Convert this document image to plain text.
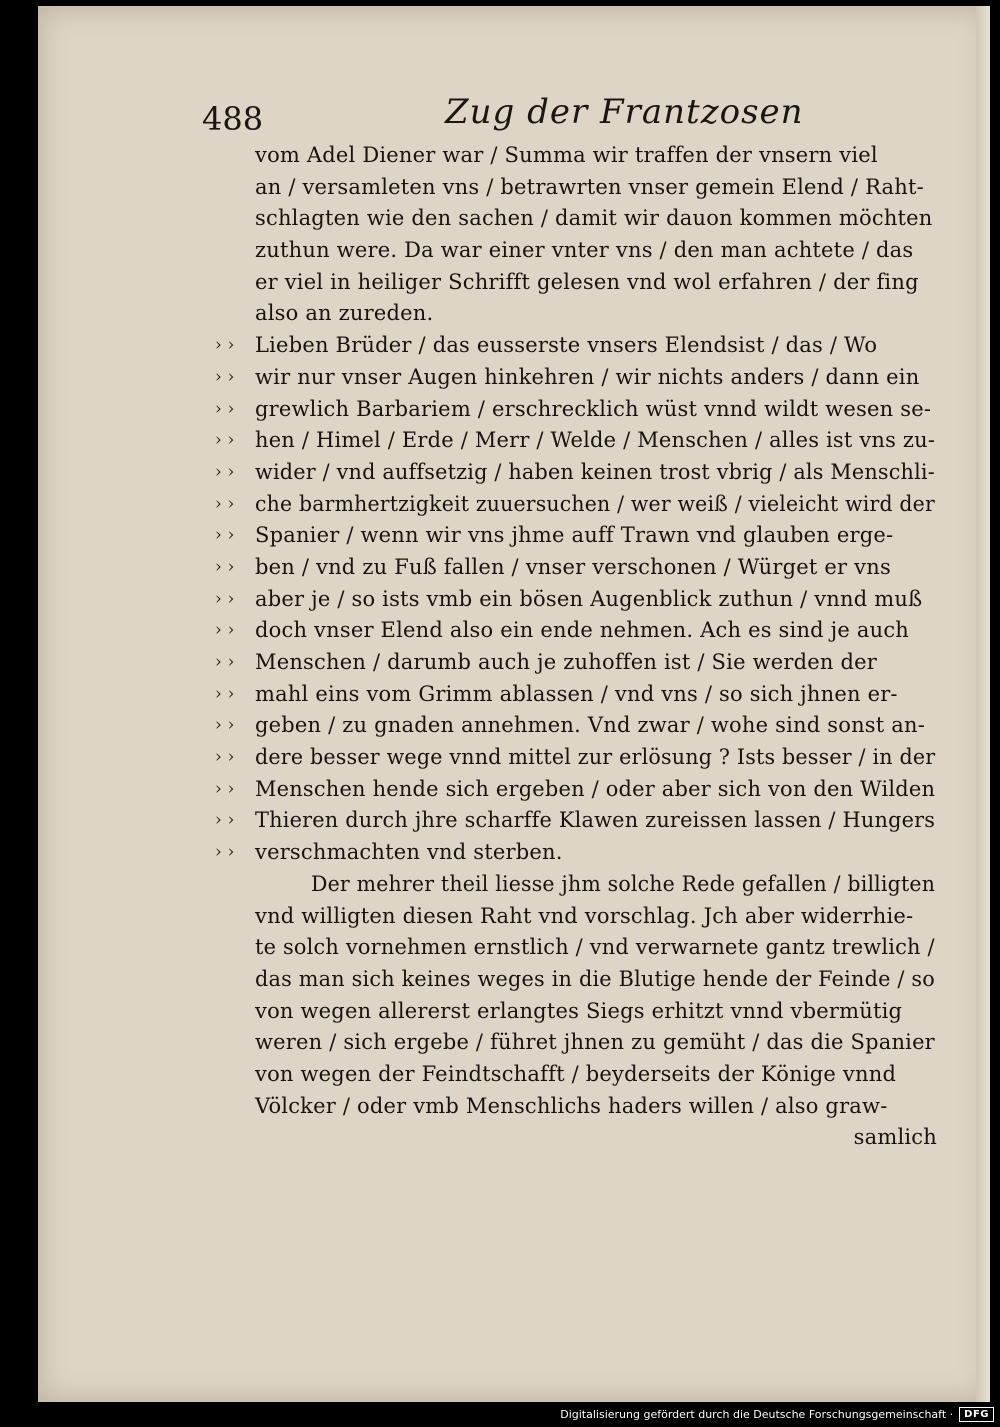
488	Zug der Frantzosen
vom Adel Diener war / Summa wir traffen der vnsern viel
an / versamleten vns / betrawrten vnser gemein Elend / Raht-
schlagten wie den sachen / damit wir dauon kommen möchten
zuthun were. Da war einer vnter vns / den man achtete / das
er viel in heiliger Schrifft gelesen vnd wol erfahren / der fing
also an zureden.
› › Lieben Brüder / das eusserste vnsers Elendsist / das / Wo
› › wir nur vnser Augen hinkehren / wir nichts anders / dann ein
› › grewlich Barbariem / erschrecklich wüst vnnd wildt wesen se-
› › hen / Himel / Erde / Merr / Welde / Menschen / alles ist vns zu-
› › wider / vnd auffsetzig / haben keinen trost vbrig / als Menschli-
› › che barmhertzigkeit zuuersuchen / wer weiß / vieleicht wird der
› › Spanier / wenn wir vns jhme auff Trawn vnd glauben erge-
› › ben / vnd zu Fuß fallen / vnser verschonen / Würget er vns
› › aber je / so ists vmb ein bösen Augenblick zuthun / vnnd muß
› › doch vnser Elend also ein ende nehmen. Ach es sind je auch
› › Menschen / darumb auch je zuhoffen ist / Sie werden der
› › mahl eins vom Grimm ablassen / vnd vns / so sich jhnen er-
› › geben / zu gnaden annehmen. Vnd zwar / wohe sind sonst an-
› › dere besser wege vnnd mittel zur erlösung ? Ists besser / in der
› › Menschen hende sich ergeben / oder aber sich von den Wilden
› › Thieren durch jhre scharffe Klawen zureissen lassen / Hungers
› › verschmachten vnd sterben.
Der mehrer theil liesse jhm solche Rede gefallen / billigten
vnd willigten diesen Raht vnd vorschlag. Jch aber widerrhie-
te solch vornehmen ernstlich / vnd verwarnete gantz trewlich /
das man sich keines weges in die Blutige hende der Feinde / so
von wegen allererst erlangtes Siegs erhitzt vnnd vbermütig
weren / sich ergebe / führet jhnen zu gemüht / das die Spanier
von wegen der Feindtschafft / beyderseits der Könige vnnd
Völcker / oder vmb Menschlichs haders willen / also graw-
samlich
Digitalisierung gefördert durch die Deutsche Forschungsgemeinschaft ·	DFG
